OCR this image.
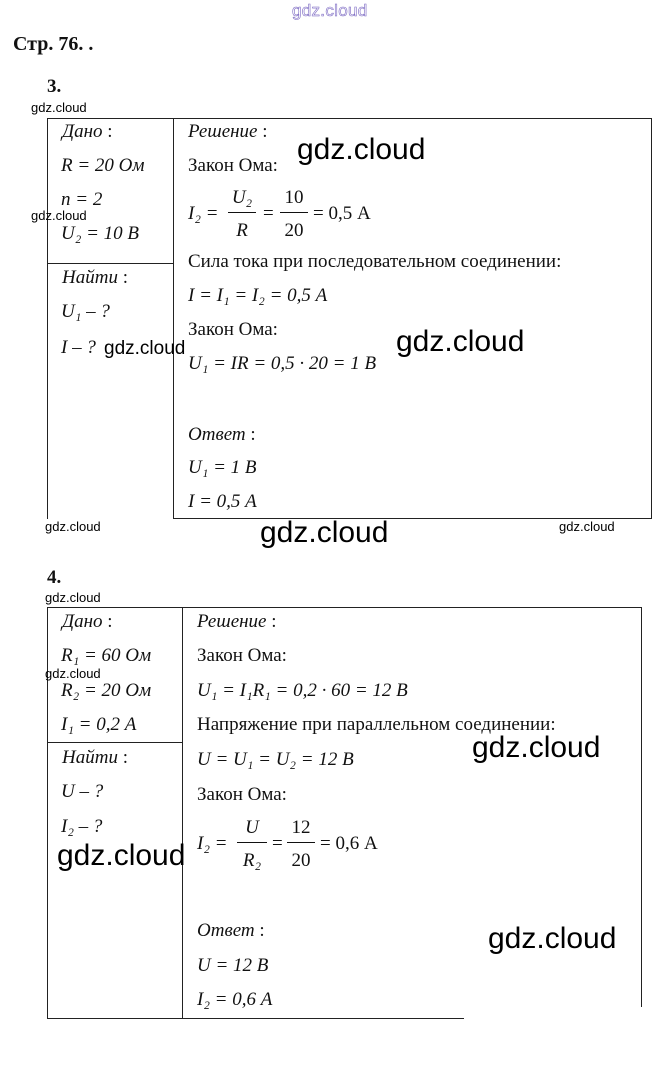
gdz.cloud
Стр. 76. .
3.
Дано :
R = 20 Ом
n = 2
U₂ = 10 В
Найти :
U₁ – ?
I – ?
Решение :
Закон Ома:
I₂ =
U₂
R
=
10
20
= 0,5 А
Сила тока при последовательном соединении:
I = I₁ = I₂ = 0,5 А
Закон Ома:
U₁ = IR = 0,5 · 20 = 1 В
Ответ :
U₁ = 1 В
I = 0,5 А
4.
Дано :
R₁ = 60 Ом
R₂ = 20 Ом
I₁ = 0,2 А
Найти :
U – ?
I₂ – ?
Решение :
Закон Ома:
U₁ = I₁R₁ = 0,2 · 60 = 12 В
Напряжение при параллельном соединении:
U = U₁ = U₂ = 12 В
Закон Ома:
I₂ =
U
R₂
=
12
20
= 0,6 А
Ответ :
U = 12 В
I₂ = 0,6 А
gdz.cloud
gdz.cloud
gdz.cloud	gdz.cloud
gdz.cloud
gdz.cloud
gdz.cloud
gdz.cloud
gdz.cloud
gdz.cloud
gdz.cloud
gdz.cloud
gdz.cloud
